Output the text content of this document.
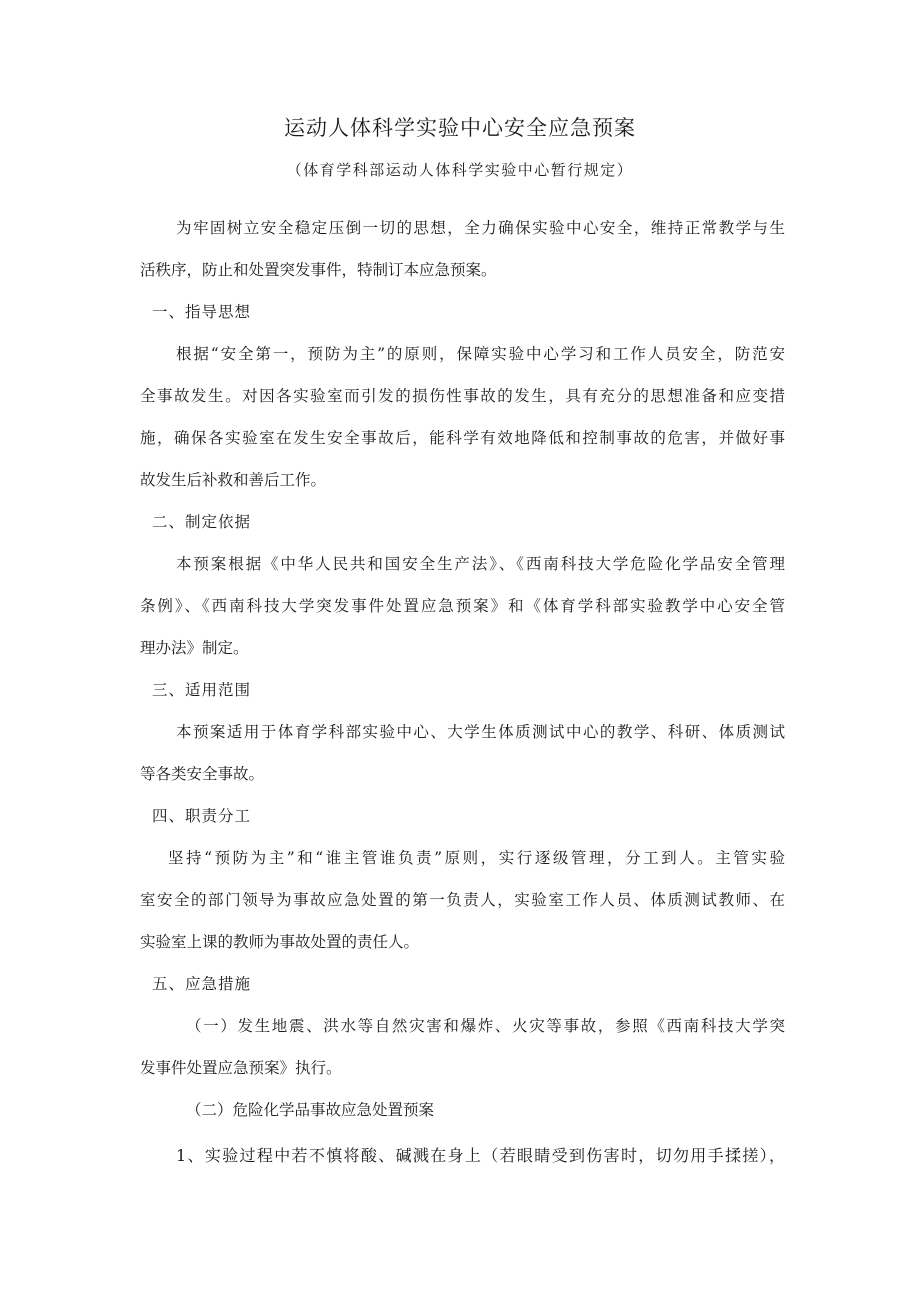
运动人体科学实验中心安全应急预案
（体育学科部运动人体科学实验中心暂行规定）
为牢固树立安全稳定压倒一切的思想，全力确保实验中心安全，维持正常教学与生
活秩序，防止和处置突发事件，特制订本应急预案。
一、指导思想
根据“安全第一，预防为主”的原则，保障实验中心学习和工作人员安全，防范安
全事故发生。对因各实验室而引发的损伤性事故的发生，具有充分的思想准备和应变措
施，确保各实验室在发生安全事故后，能科学有效地降低和控制事故的危害，并做好事
故发生后补救和善后工作。
二、制定依据
本预案根据《中华人民共和国安全生产法》、《西南科技大学危险化学品安全管理
条例》、《西南科技大学突发事件处置应急预案》和《体育学科部实验教学中心安全管
理办法》制定。
三、适用范围
本预案适用于体育学科部实验中心、大学生体质测试中心的教学、科研、体质测试
等各类安全事故。
四、职责分工
坚持“预防为主”和“谁主管谁负责”原则，实行逐级管理，分工到人。主管实验
室安全的部门领导为事故应急处置的第一负责人，实验室工作人员、体质测试教师、在
实验室上课的教师为事故处置的责任人。
五、应急措施
（一）发生地震、洪水等自然灾害和爆炸、火灾等事故，参照《西南科技大学突
发事件处置应急预案》执行。
（二）危险化学品事故应急处置预案
1、实验过程中若不慎将酸、碱溅在身上（若眼睛受到伤害时，切勿用手揉搓），
